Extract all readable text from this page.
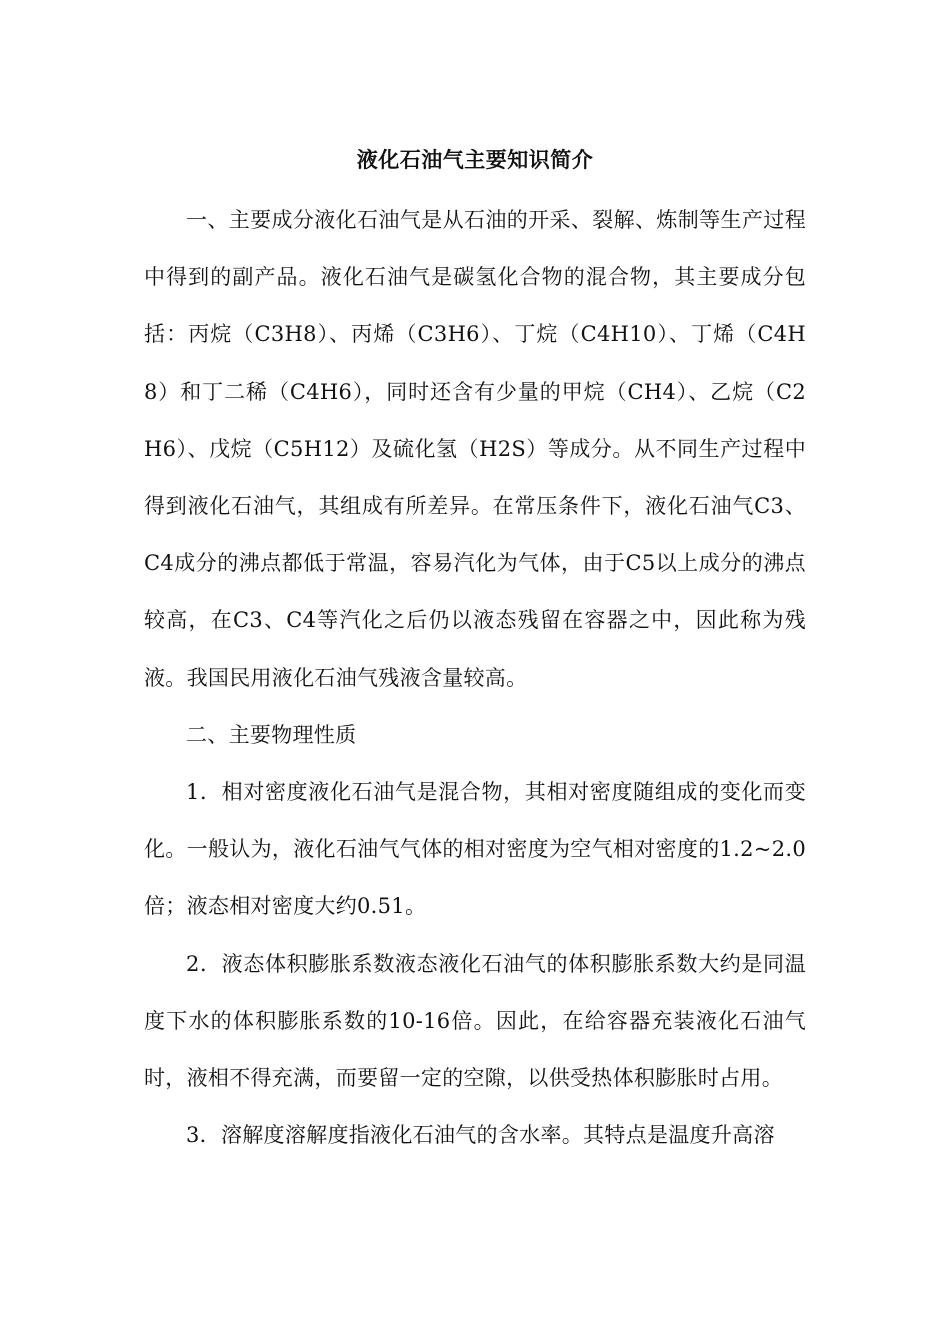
液化石油气主要知识简介

一、主要成分液化石油气是从石油的开采、裂解、炼制等生产过程中得到的副产品。液化石油气是碳氢化合物的混合物，其主要成分包括：丙烷（C3H8）、丙烯（C3H6）、丁烷（C4H10）、丁烯（C4H8）和丁二稀（C4H6），同时还含有少量的甲烷（CH4）、乙烷（C2H6）、戊烷（C5H12）及硫化氢（H2S）等成分。从不同生产过程中得到液化石油气，其组成有所差异。在常压条件下，液化石油气C3、C4成分的沸点都低于常温，容易汽化为气体，由于C5以上成分的沸点较高，在C3、C4等汽化之后仍以液态残留在容器之中，因此称为残液。我国民用液化石油气残液含量较高。

二、主要物理性质

1．相对密度液化石油气是混合物，其相对密度随组成的变化而变化。一般认为，液化石油气气体的相对密度为空气相对密度的1.2~2.0倍；液态相对密度大约0.51。

2．液态体积膨胀系数液态液化石油气的体积膨胀系数大约是同温度下水的体积膨胀系数的10-16倍。因此，在给容器充装液化石油气时，液相不得充满，而要留一定的空隙，以供受热体积膨胀时占用。

3．溶解度溶解度指液化石油气的含水率。其特点是温度升高溶
